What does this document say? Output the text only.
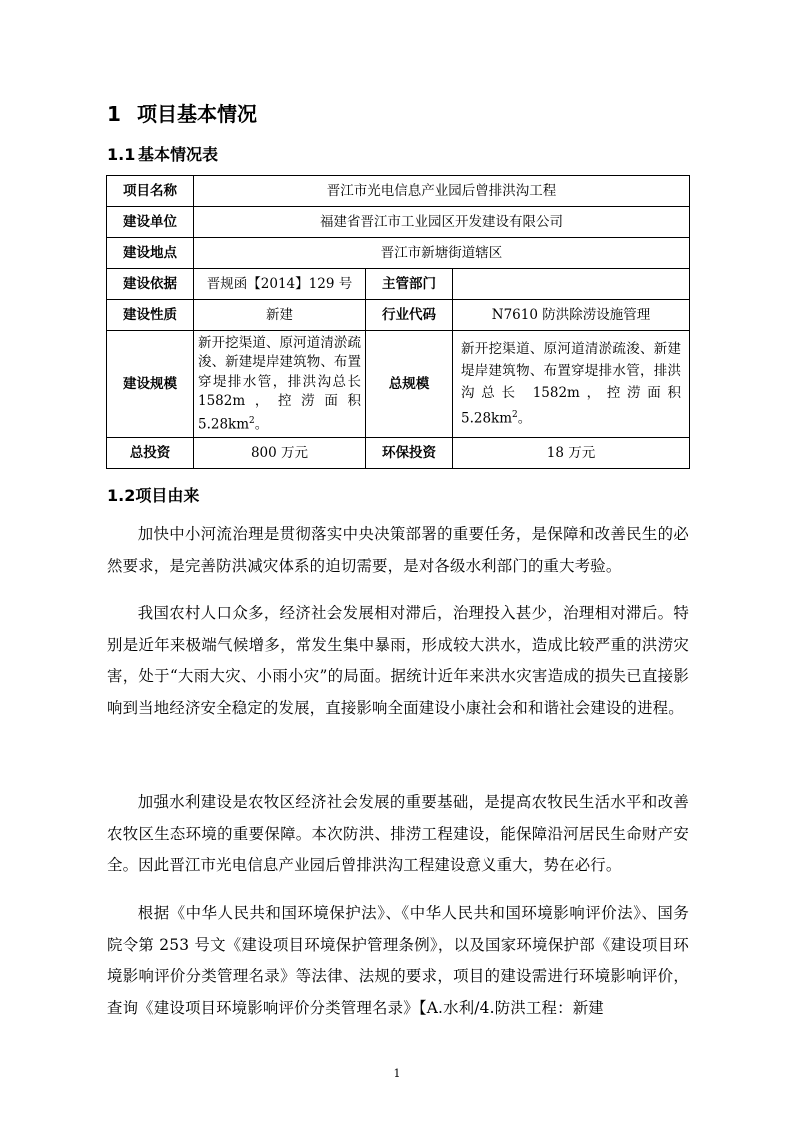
1 项目基本情况
1.1 基本情况表
项目名称	晋江市光电信息产业园后曾排洪沟工程		
建设单位	福建省晋江市工业园区开发建设有限公司		
建设地点	晋江市新塘街道辖区		
建设依据	晋规函【2014】129 号	主管部门	
建设性质	新建	行业代码	N7610 防洪除涝设施管理
建设规模	新开挖渠道、原河道清淤疏浚、新建堤岸建筑物、布置穿堤排水管，排洪沟总长 1582m，控涝面积 $5.28km^2$。	总规模	新开挖渠道、原河道清淤疏浚、新建堤岸建筑物、布置穿堤排水管，排洪沟总长 1582m，控涝面积 $5.28km^2$。
总投资	800 万元	环保投资	18 万元
1.2项目由来

加快中小河流治理是贯彻落实中央决策部署的重要任务，是保障和改善民生的必然要求，是完善防洪减灾体系的迫切需要，是对各级水利部门的重大考验。

我国农村人口众多，经济社会发展相对滞后，治理投入甚少，治理相对滞后。特别是近年来极端气候增多，常发生集中暴雨，形成较大洪水，造成比较严重的洪涝灾害，处于“大雨大灾、小雨小灾”的局面。据统计近年来洪水灾害造成的损失已直接影响到当地经济安全稳定的发展，直接影响全面建设小康社会和和谐社会建设的进程。

加强水利建设是农牧区经济社会发展的重要基础，是提高农牧民生活水平和改善农牧区生态环境的重要保障。本次防洪、排涝工程建设，能保障沿河居民生命财产安全。因此晋江市光电信息产业园后曾排洪沟工程建设意义重大，势在必行。

根据《中华人民共和国环境保护法》、《中华人民共和国环境影响评价法》、国务院令第 253 号文《建设项目环境保护管理条例》，以及国家环境保护部《建设项目环境影响评价分类管理名录》等法律、法规的要求，项目的建设需进行环境影响评价，查询《建设项目环境影响评价分类管理名录》【A.水利/4.防洪工程：新建

1
